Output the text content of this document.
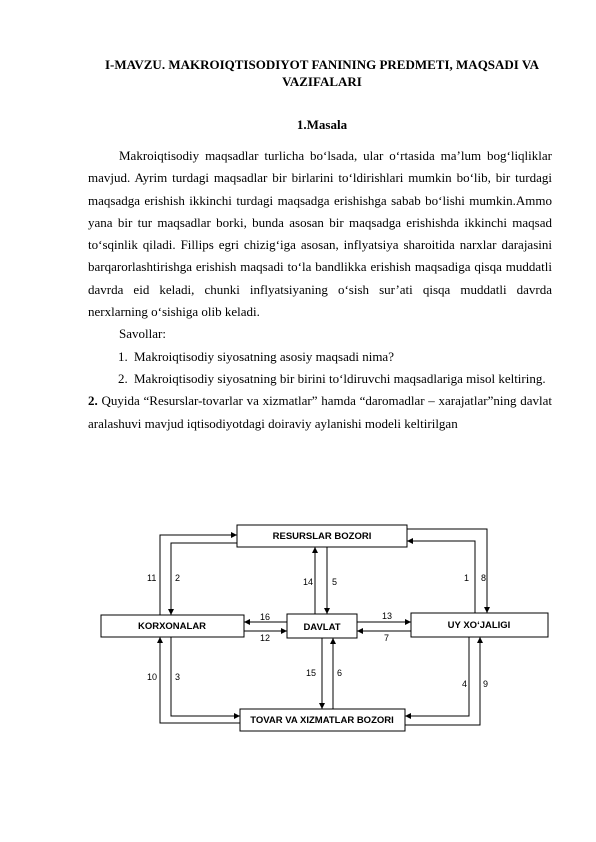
I-MAVZU. MAKROIQTISODIYOT FANINING PREDMETI, MAQSADI VA VAZIFALARI
1.Masala

Makroiqtisodiy maqsadlar turlicha bo‘lsada, ular o‘rtasida ma’lum bog‘liqliklar mavjud. Ayrim turdagi maqsadlar bir birlarini to‘ldirishlari mumkin bo‘lib, bir turdagi maqsadga erishish ikkinchi turdagi maqsadga erishishga sabab bo‘lishi mumkin.Ammo yana bir tur maqsadlar borki, bunda asosan bir maqsadga erishishda ikkinchi maqsad to‘sqinlik qiladi. Fillips egri chizig‘iga asosan, inflyatsiya sharoitida narxlar darajasini barqarorlashtirishga erishish maqsadi to‘la bandlikka erishish maqsadiga qisqa muddatli davrda eid keladi, chunki inflyatsiyaning o‘sish sur’ati qisqa muddatli davrda nerxlarning o‘sishiga olib keladi.

Savollar:
1. Makroiqtisodiy siyosatning asosiy maqsadi nima?
2. Makroiqtisodiy siyosatning bir birini to‘ldiruvchi maqsadlariga misol keltiring.

2. Quyida “Resurslar-tovarlar va xizmatlar” hamda “daromadlar – xarajatlar”ning davlat aralashuvi mavjud iqtisodiyotdagi doiraviy aylanishi modeli keltirilgan

RESURSLAR BOZORI
KORXONALAR	DAVLAT	UY XO‘JALIGI
TOVAR VA XIZMATLAR BOZORI
11 2	14 5	1 8
16
12
13
7
15 6
10 3
4 9
